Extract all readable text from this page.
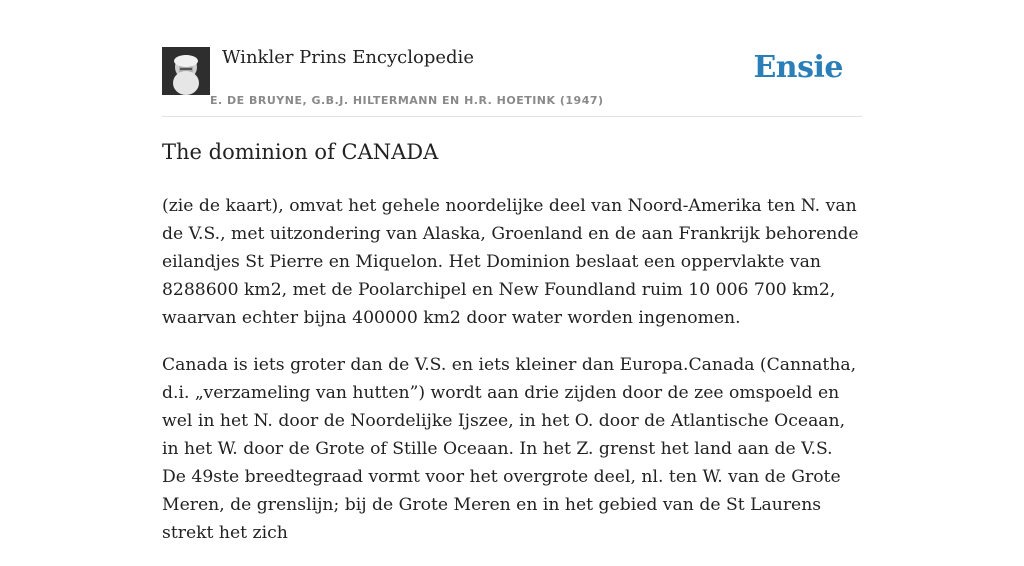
Winkler Prins Encyclopedie
E. DE BRUYNE, G.B.J. HILTERMANN EN H.R. HOETINK (1947)
Ensie
The dominion of CANADA

(zie de kaart), omvat het gehele noordelijke deel van Noord-Amerika ten N. van de V.S., met uitzondering van Alaska, Groenland en de aan Frankrijk behorende eilandjes St Pierre en Miquelon. Het Dominion beslaat een oppervlakte van 8288600 km2, met de Poolarchipel en New Foundland ruim 10 006 700 km2, waarvan echter bijna 400000 km2 door water worden ingenomen.

Canada is iets groter dan de V.S. en iets kleiner dan Europa.Canada (Cannatha, d.i. „verzameling van hutten”) wordt aan drie zijden door de zee omspoeld en wel in het N. door de Noordelijke Ijszee, in het O. door de Atlantische Oceaan, in het W. door de Grote of Stille Oceaan. In het Z. grenst het land aan de V.S. De 49ste breedtegraad vormt voor het overgrote deel, nl. ten W. van de Grote Meren, de grenslijn; bij de Grote Meren en in het gebied van de St Laurens strekt het zich
